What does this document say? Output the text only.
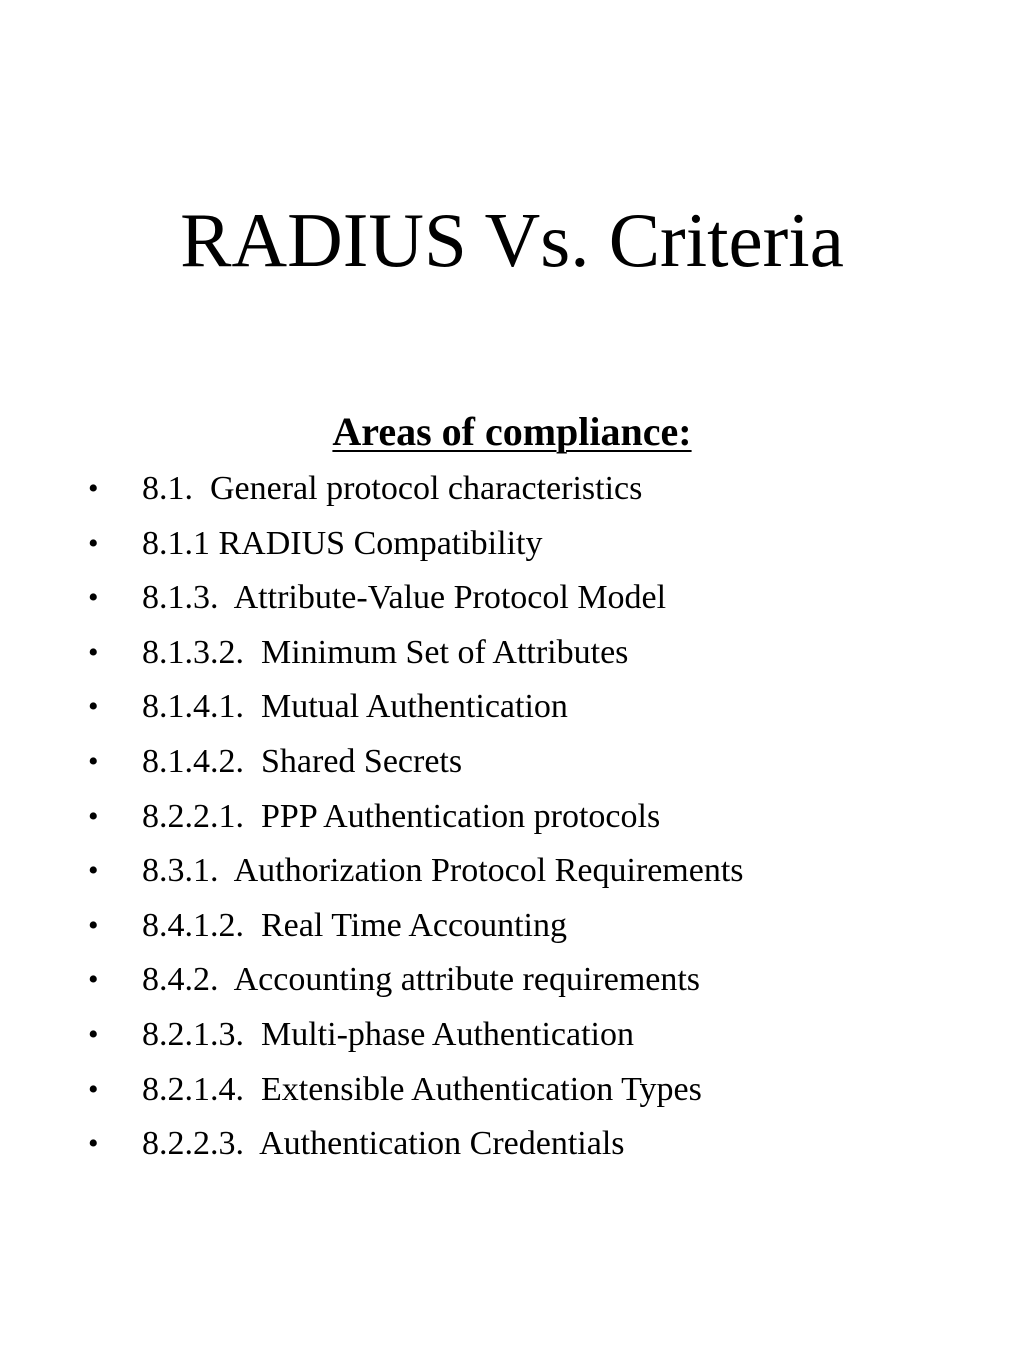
RADIUS Vs. Criteria
Areas of compliance:
• 8.1.  General protocol characteristics
• 8.1.1 RADIUS Compatibility
• 8.1.3.  Attribute-Value Protocol Model
• 8.1.3.2.  Minimum Set of Attributes
• 8.1.4.1.  Mutual Authentication
• 8.1.4.2.  Shared Secrets
• 8.2.2.1.  PPP Authentication protocols
• 8.3.1.  Authorization Protocol Requirements
• 8.4.1.2.  Real Time Accounting
• 8.4.2.  Accounting attribute requirements
• 8.2.1.3.  Multi-phase Authentication
• 8.2.1.4.  Extensible Authentication Types
• 8.2.2.3.  Authentication Credentials
